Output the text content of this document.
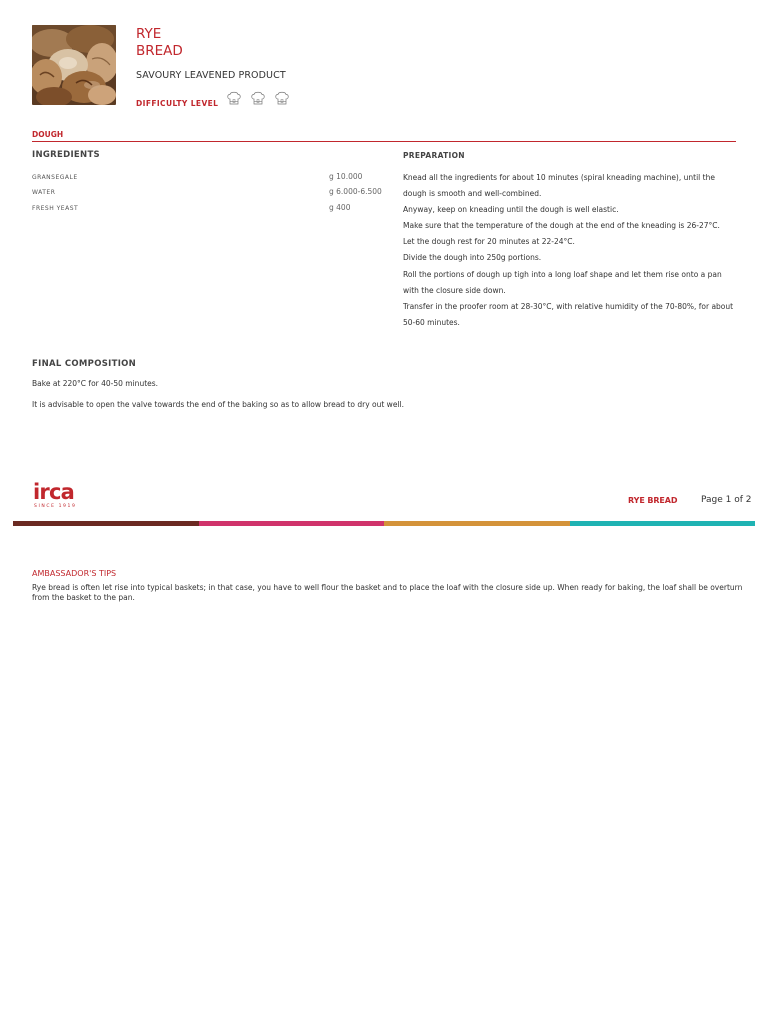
RYE
BREAD
SAVOURY LEAVENED PRODUCT
DIFFICULTY LEVEL
DOUGH
INGREDIENTS	PREPARATION
GRANSEGALE	g 10.000
WATER	g 6.000-6.500
FRESH YEAST	g 400
Knead all the ingredients for about 10 minutes (spiral kneading machine), until the dough is smooth and well-combined.
Anyway, keep on kneading until the dough is well elastic.
Make sure that the temperature of the dough at the end of the kneading is 26-27°C.
Let the dough rest for 20 minutes at 22-24°C.
Divide the dough into 250g portions.
Roll the portions of dough up tigh into a long loaf shape and let them rise onto a pan with the closure side down.
Transfer in the proofer room at 28-30°C, with relative humidity of the 70-80%, for about 50-60 minutes.
FINAL COMPOSITION
Bake at 220°C for 40-50 minutes.
It is advisable to open the valve towards the end of the baking so as to allow bread to dry out well.
irca
SINCE 1919
RYE BREAD	Page 1 of 2
AMBASSADOR'S TIPS
Rye bread is often let rise into typical baskets; in that case, you have to well flour the basket and to place the loaf with the closure side up. When ready for baking, the loaf shall be overturn from the basket to the pan.
